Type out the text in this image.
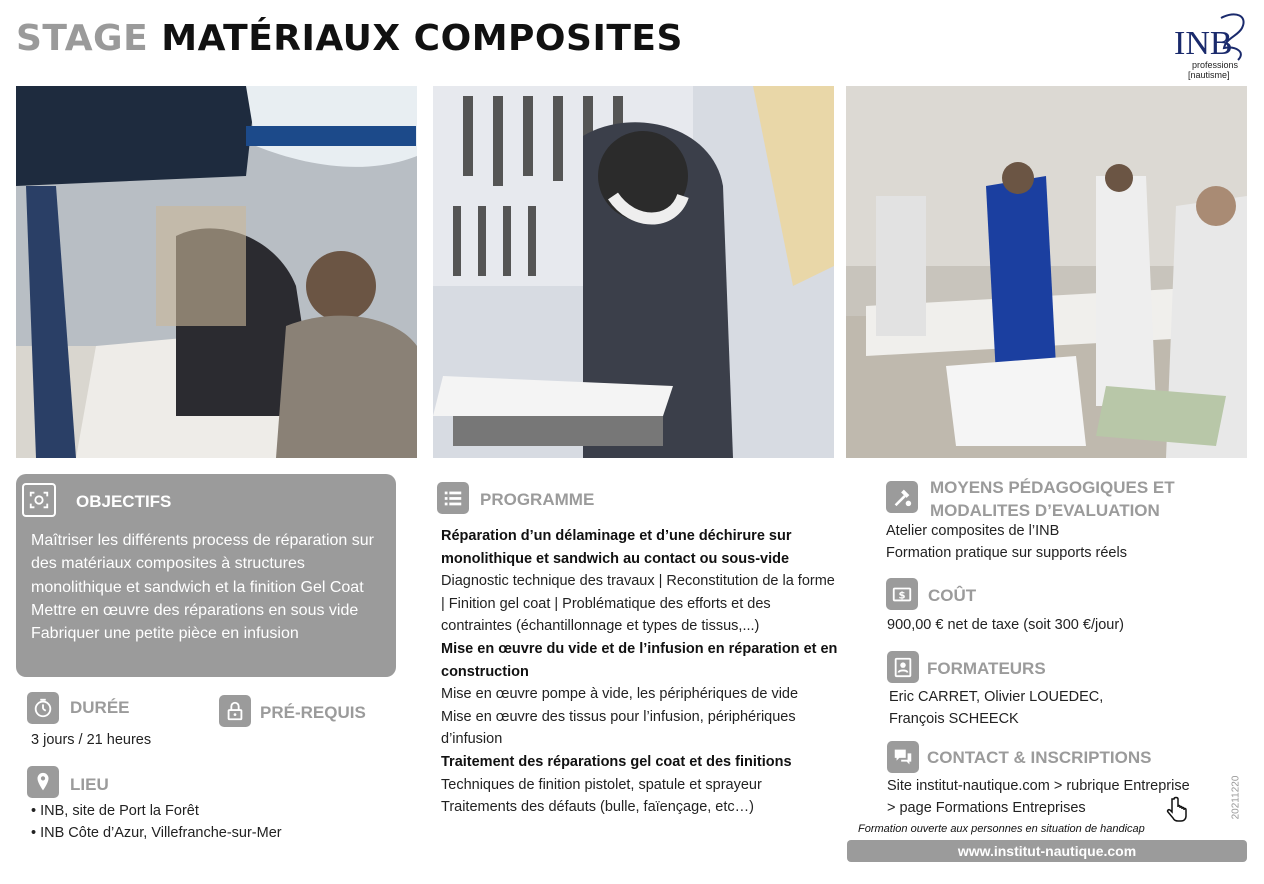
STAGE MATÉRIAUX COMPOSITES	INB
professions
[nautisme]
OBJECTIFS
Maîtriser les différents process de réparation sur des matériaux composites à structures monolithique et sandwich et la finition Gel Coat
Mettre en œuvre des réparations en sous vide
Fabriquer une petite pièce en infusion
DURÉE
3 jours / 21 heures
PRÉ-REQUIS
LIEU
• INB, site de Port la Forêt
• INB Côte d’Azur, Villefranche-sur-Mer
PROGRAMME

Réparation d’un délaminage et d’une déchirure sur monolithique et sandwich au contact ou sous-vide

Diagnostic technique des travaux | Reconstitution de la forme | Finition gel coat | Problématique des efforts et des contraintes (échantillonnage et types de tissus,...)

Mise en œuvre du vide et de l’infusion en réparation et en construction

Mise en œuvre pompe à vide, les périphériques de vide
Mise en œuvre des tissus pour l’infusion, périphériques d’infusion

Traitement des réparations gel coat et des finitions

Techniques de finition pistolet, spatule et sprayeur
Traitements des défauts (bulle, faïençage, etc…)

MOYENS PÉDAGOGIQUES ET
MODALITES D’EVALUATION
Atelier composites de l’INB
Formation pratique sur supports réels
$ COÛT
900,00 € net de taxe (soit 300 €/jour)
FORMATEURS
Eric CARRET, Olivier LOUEDEC,
François SCHEECK
CONTACT & INSCRIPTIONS
Site institut-nautique.com > rubrique Entreprise
> page Formations Entreprises	20211220
Formation ouverte aux personnes en situation de handicap
www.institut-nautique.com
